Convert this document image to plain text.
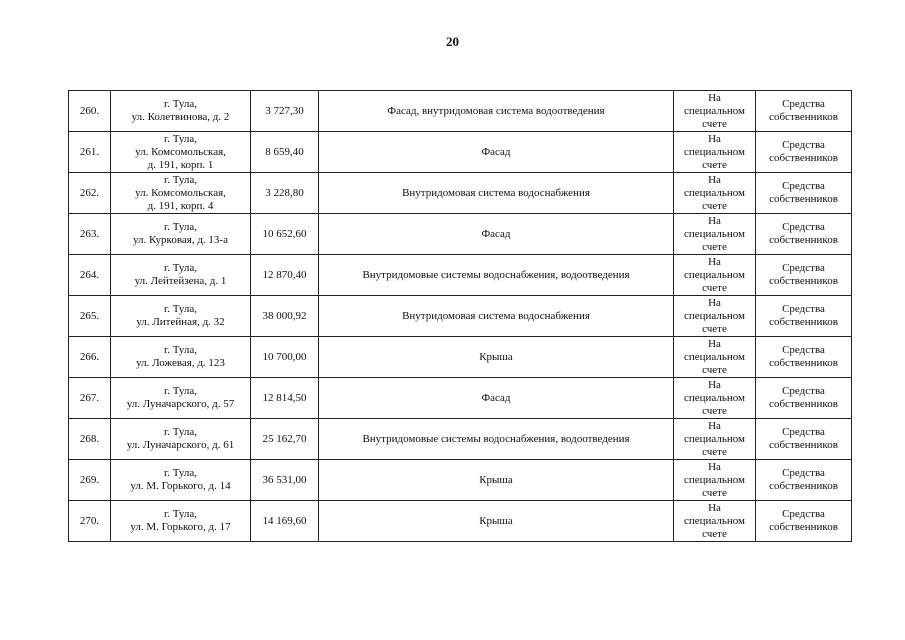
20
260.	г. Тула,
ул. Колетвинова, д. 2	3 727,30	Фасад, внутридомовая система водоотведения	На
специальном
счете	Средства
собственников

261.	г. Тула,
ул. Комсомольская,
д. 191, корп. 1	8 659,40	Фасад	На
специальном
счете	Средства
собственников

262.	г. Тула,
ул. Комсомольская,
д. 191, корп. 4	3 228,80	Внутридомовая система водоснабжения	На
специальном
счете	Средства
собственников

263.	г. Тула,
ул. Курковая, д. 13-а	10 652,60	Фасад	На
специальном
счете	Средства
собственников

264.	г. Тула,
ул. Лейтейзена, д. 1	12 870,40	Внутридомовые системы водоснабжения, водоотведения	На
специальном
счете	Средства
собственников

265.	г. Тула,
ул. Литейная, д. 32	38 000,92	Внутридомовая система водоснабжения	На
специальном
счете	Средства
собственников

266.	г. Тула,
ул. Ложевая, д. 123	10 700,00	Крыша	На
специальном
счете	Средства
собственников

267.	г. Тула,
ул. Луначарского, д. 57	12 814,50	Фасад	На
специальном
счете	Средства
собственников

268.	г. Тула,
ул. Луначарского, д. 61	25 162,70	Внутридомовые системы водоснабжения, водоотведения	На
специальном
счете	Средства
собственников

269.	г. Тула,
ул. М. Горького, д. 14	36 531,00	Крыша	На
специальном
счете	Средства
собственников

270.	г. Тула,
ул. М. Горького, д. 17	14 169,60	Крыша	На
специальном
счете	Средства
собственников
